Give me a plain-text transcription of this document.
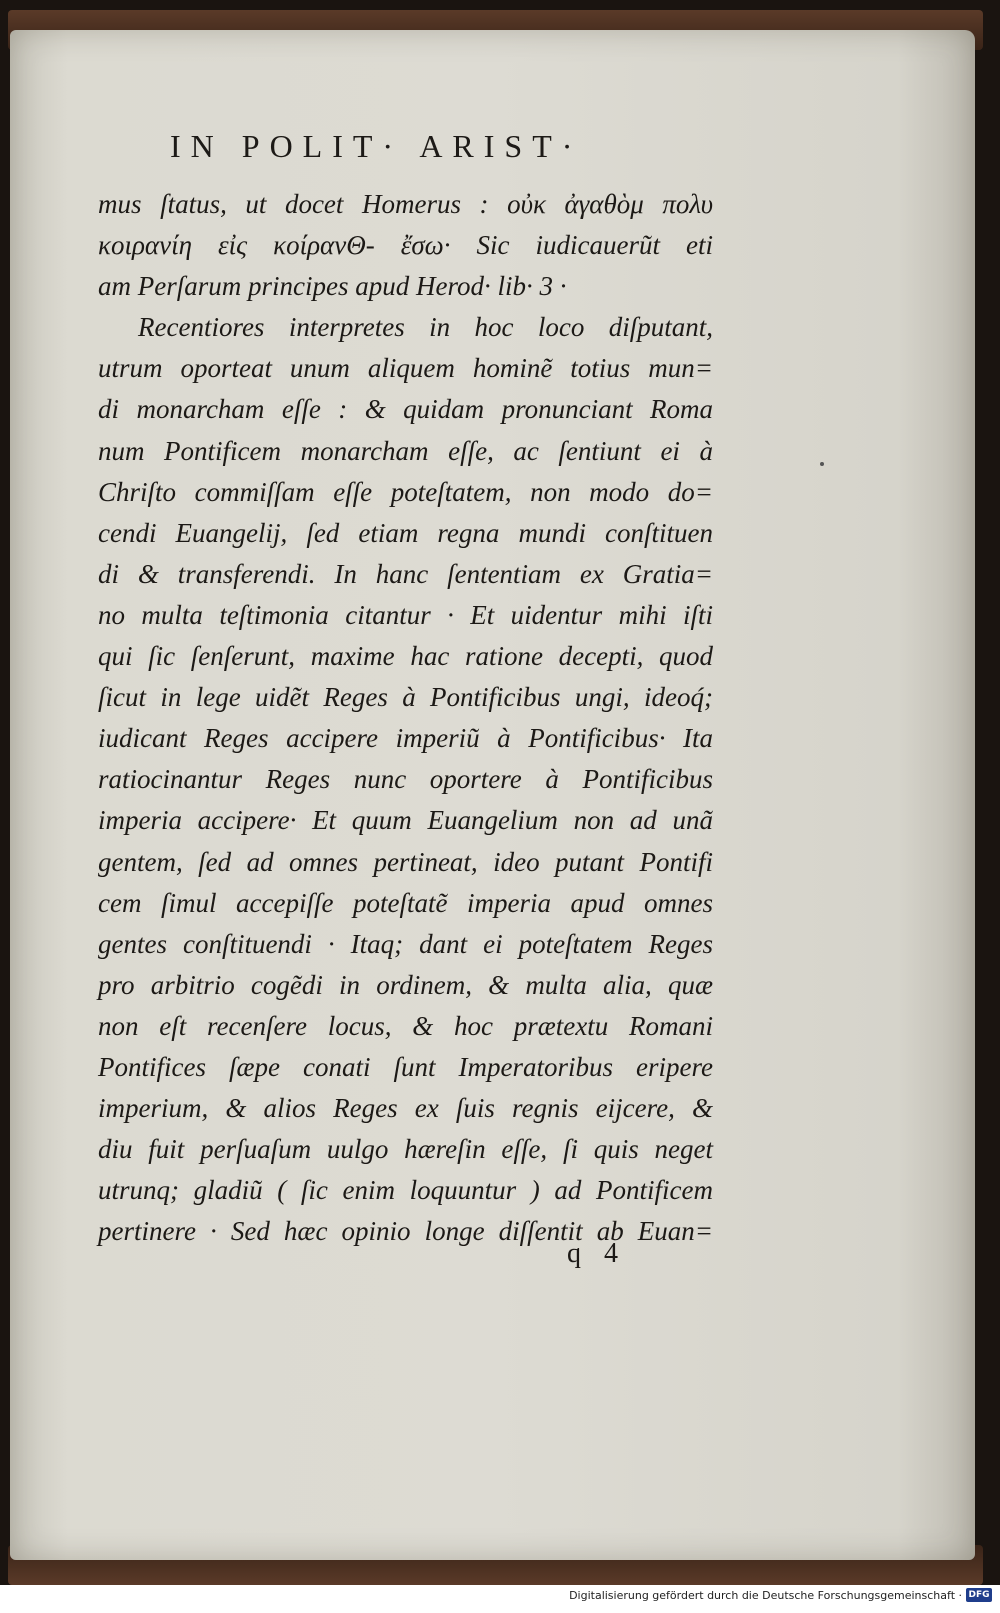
IN POLIT· ARIST·
mus ſtatus, ut docet Homerus : οὐκ ἀγαθὸμ πολυ
κοιρανίη εἰς κοίρανΘ- ἔσω· Sic iudicauerũt eti
am Perſarum principes apud Herod· lib· 3 ·
Recentiores interpretes in hoc loco diſputant,
utrum oporteat unum aliquem hominẽ totius mun=
di monarcham eſſe : & quidam pronunciant Roma
num Pontificem monarcham eſſe, ac ſentiunt ei à
Chriſto commiſſam eſſe poteſtatem, non modo do=
cendi Euangelij, ſed etiam regna mundi conſtituen
di & transferendi. In hanc ſententiam ex Gratia=
no multa teſtimonia citantur · Et uidentur mihi iſti
qui ſic ſenſerunt, maxime hac ratione decepti, quod
ſicut in lege uidẽt Reges à Pontificibus ungi, ideoq́;
iudicant Reges accipere imperiũ à Pontificibus· Ita
ratiocinantur Reges nunc oportere à Pontificibus
imperia accipere· Et quum Euangelium non ad unã
gentem, ſed ad omnes pertineat, ideo putant Pontifi
cem ſimul accepiſſe poteſtatẽ imperia apud omnes
gentes conſtituendi · Itaq; dant ei poteſtatem Reges
pro arbitrio cogẽdi in ordinem, & multa alia, quæ
non eſt recenſere locus, & hoc prætextu Romani
Pontifices ſæpe conati ſunt Imperatoribus eripere
imperium, & alios Reges ex ſuis regnis eijcere, &
diu fuit perſuaſum uulgo hæreſin eſſe, ſi quis neget
utrunq; gladiũ ( ſic enim loquuntur ) ad Pontificem
pertinere · Sed hæc opinio longe diſſentit ab Euan=
q 4
Digitalisierung gefördert durch die Deutsche Forschungsgemeinschaft · DFG
